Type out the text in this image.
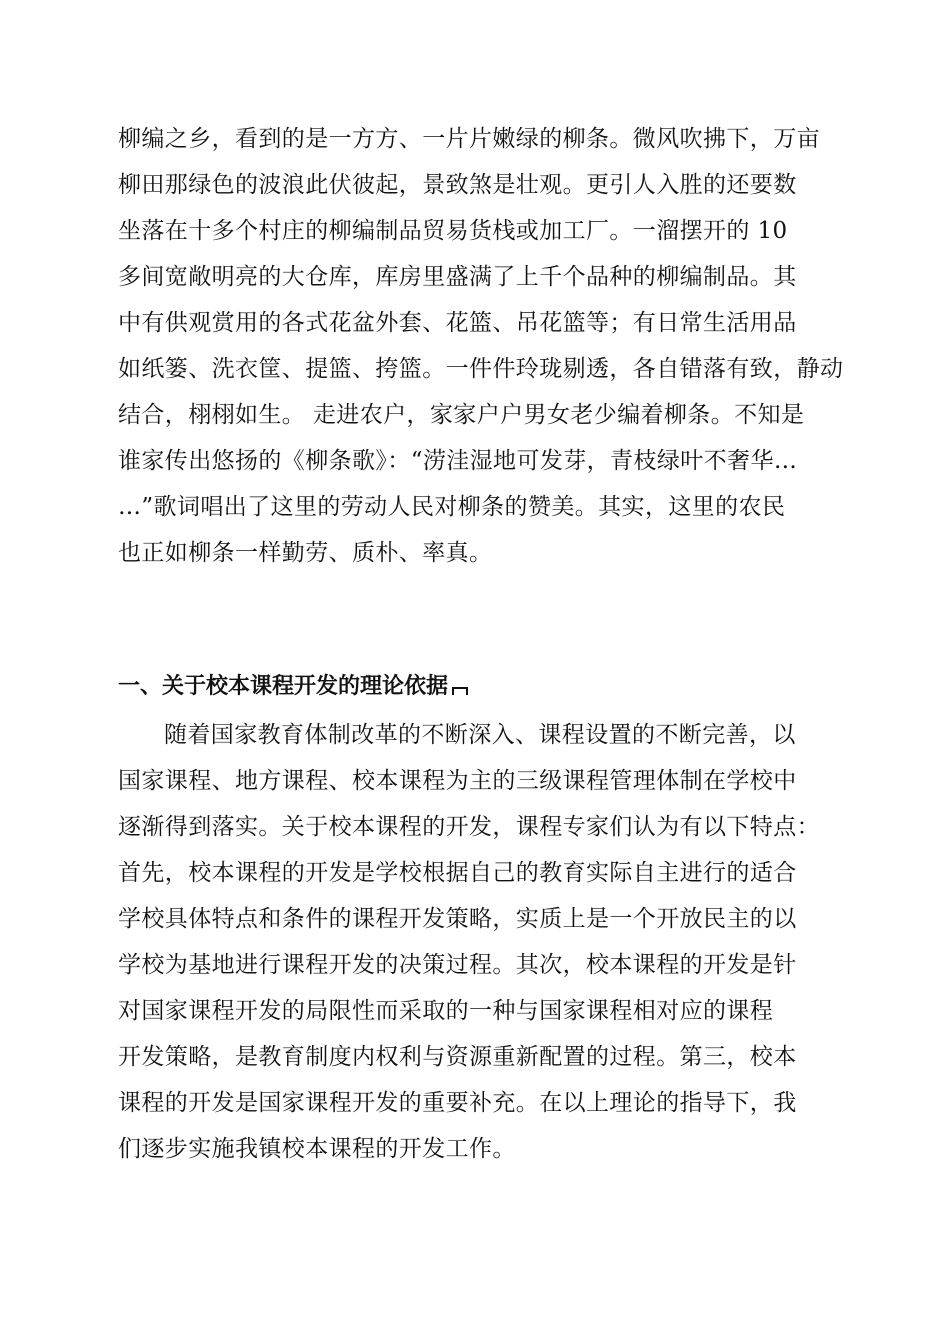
柳编之乡，看到的是一方方、一片片嫩绿的柳条。微风吹拂下，万亩
柳田那绿色的波浪此伏彼起，景致煞是壮观。更引人入胜的还要数
坐落在十多个村庄的柳编制品贸易货栈或加工厂。一溜摆开的 10
多间宽敞明亮的大仓库，库房里盛满了上千个品种的柳编制品。其
中有供观赏用的各式花盆外套、花篮、吊花篮等；有日常生活用品
如纸篓、洗衣筐、提篮、挎篮。一件件玲珑剔透，各自错落有致，静动
结合，栩栩如生。 走进农户，家家户户男女老少编着柳条。不知是
谁家传出悠扬的《柳条歌》：“涝洼湿地可发芽，青枝绿叶不奢华…
…”歌词唱出了这里的劳动人民对柳条的赞美。其实，这里的农民
也正如柳条一样勤劳、质朴、率真。
一、关于校本课程开发的理论依据
随着国家教育体制改革的不断深入、课程设置的不断完善，以
国家课程、地方课程、校本课程为主的三级课程管理体制在学校中
逐渐得到落实。关于校本课程的开发，课程专家们认为有以下特点：
首先，校本课程的开发是学校根据自己的教育实际自主进行的适合
学校具体特点和条件的课程开发策略，实质上是一个开放民主的以
学校为基地进行课程开发的决策过程。其次，校本课程的开发是针
对国家课程开发的局限性而采取的一种与国家课程相对应的课程
开发策略，是教育制度内权利与资源重新配置的过程。第三，校本
课程的开发是国家课程开发的重要补充。在以上理论的指导下，我
们逐步实施我镇校本课程的开发工作。
